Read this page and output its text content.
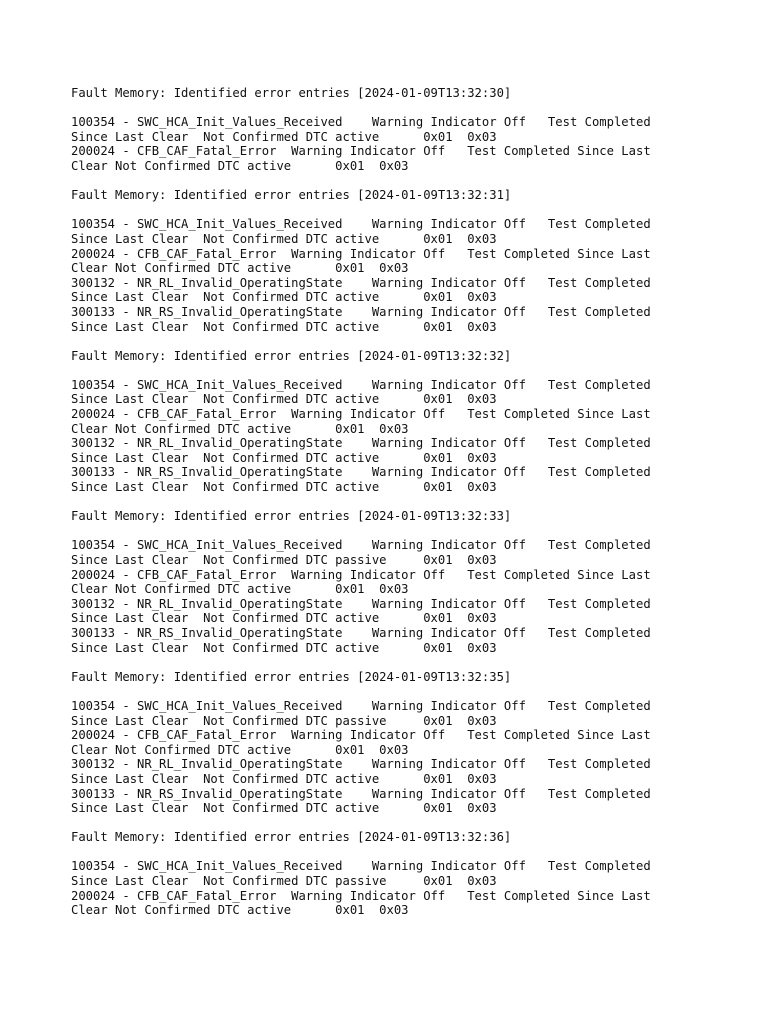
Fault Memory: Identified error entries [2024-01-09T13:32:30]
100354 - SWC_HCA_Init_Values_Received    Warning Indicator Off   Test Completed
Since Last Clear  Not Confirmed DTC active      0x01  0x03
200024 - CFB_CAF_Fatal_Error  Warning Indicator Off   Test Completed Since Last
Clear Not Confirmed DTC active      0x01  0x03
Fault Memory: Identified error entries [2024-01-09T13:32:31]
100354 - SWC_HCA_Init_Values_Received    Warning Indicator Off   Test Completed
Since Last Clear  Not Confirmed DTC active      0x01  0x03
200024 - CFB_CAF_Fatal_Error  Warning Indicator Off   Test Completed Since Last
Clear Not Confirmed DTC active      0x01  0x03
300132 - NR_RL_Invalid_OperatingState    Warning Indicator Off   Test Completed
Since Last Clear  Not Confirmed DTC active      0x01  0x03
300133 - NR_RS_Invalid_OperatingState    Warning Indicator Off   Test Completed
Since Last Clear  Not Confirmed DTC active      0x01  0x03
Fault Memory: Identified error entries [2024-01-09T13:32:32]
100354 - SWC_HCA_Init_Values_Received    Warning Indicator Off   Test Completed
Since Last Clear  Not Confirmed DTC active      0x01  0x03
200024 - CFB_CAF_Fatal_Error  Warning Indicator Off   Test Completed Since Last
Clear Not Confirmed DTC active      0x01  0x03
300132 - NR_RL_Invalid_OperatingState    Warning Indicator Off   Test Completed
Since Last Clear  Not Confirmed DTC active      0x01  0x03
300133 - NR_RS_Invalid_OperatingState    Warning Indicator Off   Test Completed
Since Last Clear  Not Confirmed DTC active      0x01  0x03
Fault Memory: Identified error entries [2024-01-09T13:32:33]
100354 - SWC_HCA_Init_Values_Received    Warning Indicator Off   Test Completed
Since Last Clear  Not Confirmed DTC passive     0x01  0x03
200024 - CFB_CAF_Fatal_Error  Warning Indicator Off   Test Completed Since Last
Clear Not Confirmed DTC active      0x01  0x03
300132 - NR_RL_Invalid_OperatingState    Warning Indicator Off   Test Completed
Since Last Clear  Not Confirmed DTC active      0x01  0x03
300133 - NR_RS_Invalid_OperatingState    Warning Indicator Off   Test Completed
Since Last Clear  Not Confirmed DTC active      0x01  0x03
Fault Memory: Identified error entries [2024-01-09T13:32:35]
100354 - SWC_HCA_Init_Values_Received    Warning Indicator Off   Test Completed
Since Last Clear  Not Confirmed DTC passive     0x01  0x03
200024 - CFB_CAF_Fatal_Error  Warning Indicator Off   Test Completed Since Last
Clear Not Confirmed DTC active      0x01  0x03
300132 - NR_RL_Invalid_OperatingState    Warning Indicator Off   Test Completed
Since Last Clear  Not Confirmed DTC active      0x01  0x03
300133 - NR_RS_Invalid_OperatingState    Warning Indicator Off   Test Completed
Since Last Clear  Not Confirmed DTC active      0x01  0x03
Fault Memory: Identified error entries [2024-01-09T13:32:36]
100354 - SWC_HCA_Init_Values_Received    Warning Indicator Off   Test Completed
Since Last Clear  Not Confirmed DTC passive     0x01  0x03
200024 - CFB_CAF_Fatal_Error  Warning Indicator Off   Test Completed Since Last
Clear Not Confirmed DTC active      0x01  0x03
